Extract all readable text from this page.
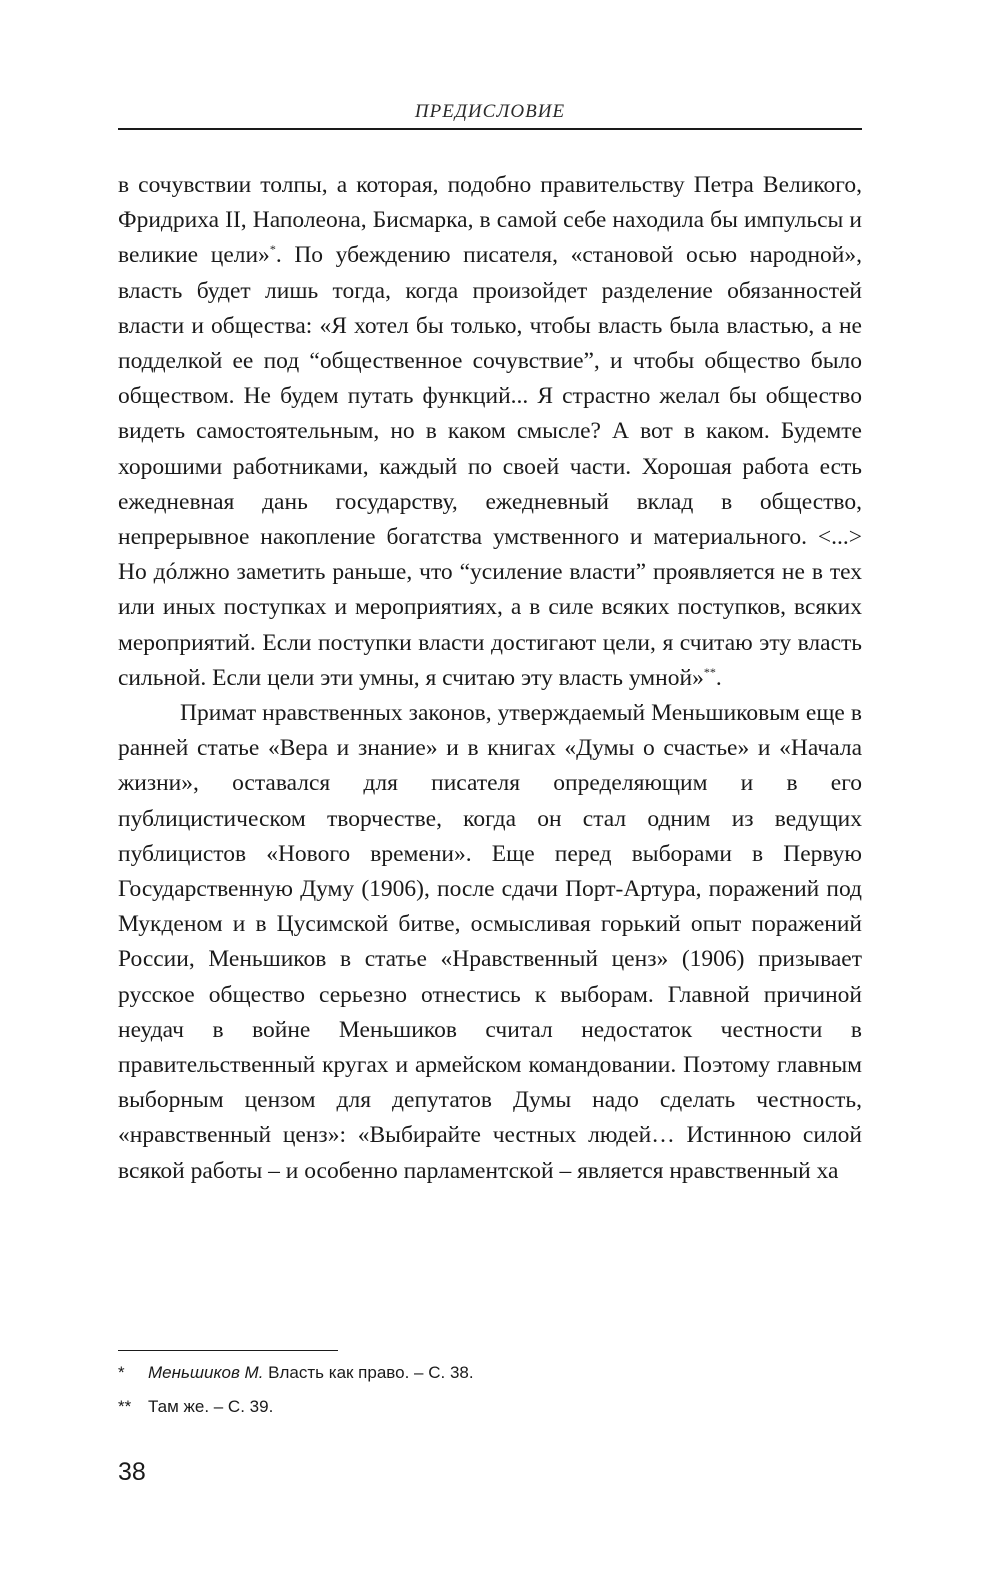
ПРЕДИСЛОВИЕ

в сочувствии толпы, а которая, подобно правительству Петра Великого, Фридриха II, Наполеона, Бисмарка, в самой себе находила бы импульсы и великие цели»*. По убеждению писателя, «становой осью народной», власть будет лишь тогда, когда произойдет разделение обязанностей власти и общества: «Я хотел бы только, чтобы власть была властью, а не подделкой ее под “общественное сочувствие”, и чтобы общество было обществом. Не будем путать функций... Я страстно желал бы общество видеть самостоятельным, но в каком смысле? А вот в каком. Будемте хорошими работниками, каждый по своей части. Хорошая работа есть ежедневная дань государству, ежедневный вклад в общество, непрерывное накопление богатства умственного и материального. <...> Но дóлжно заметить раньше, что “усиление власти” проявляется не в тех или иных поступках и мероприятиях, а в силе всяких поступков, всяких мероприятий. Если поступки власти достигают цели, я считаю эту власть сильной. Если цели эти умны, я считаю эту власть умной»**.

Примат нравственных законов, утверждаемый Меньшиковым еще в ранней статье «Вера и знание» и в книгах «Думы о счастье» и «Начала жизни», оставался для писателя определяющим и в его публицистическом творчестве, когда он стал одним из ведущих публицистов «Нового времени». Еще перед выборами в Первую Государственную Думу (1906), после сдачи Порт-Артура, поражений под Мукденом и в Цусимской битве, осмысливая горький опыт поражений России, Меньшиков в статье «Нравственный ценз» (1906) призывает русское общество серьезно отнестись к выборам. Главной причиной неудач в войне Меньшиков считал недостаток честности в правительственный кругах и армейском командовании. Поэтому главным выборным цензом для депутатов Думы надо сделать честность, «нравственный ценз»: «Выбирайте честных людей… Истинною силой всякой работы – и особенно парламентской – является нравственный ха

* Меньшиков М. Власть как право. – С. 38.
** Там же. – С. 39.
38
